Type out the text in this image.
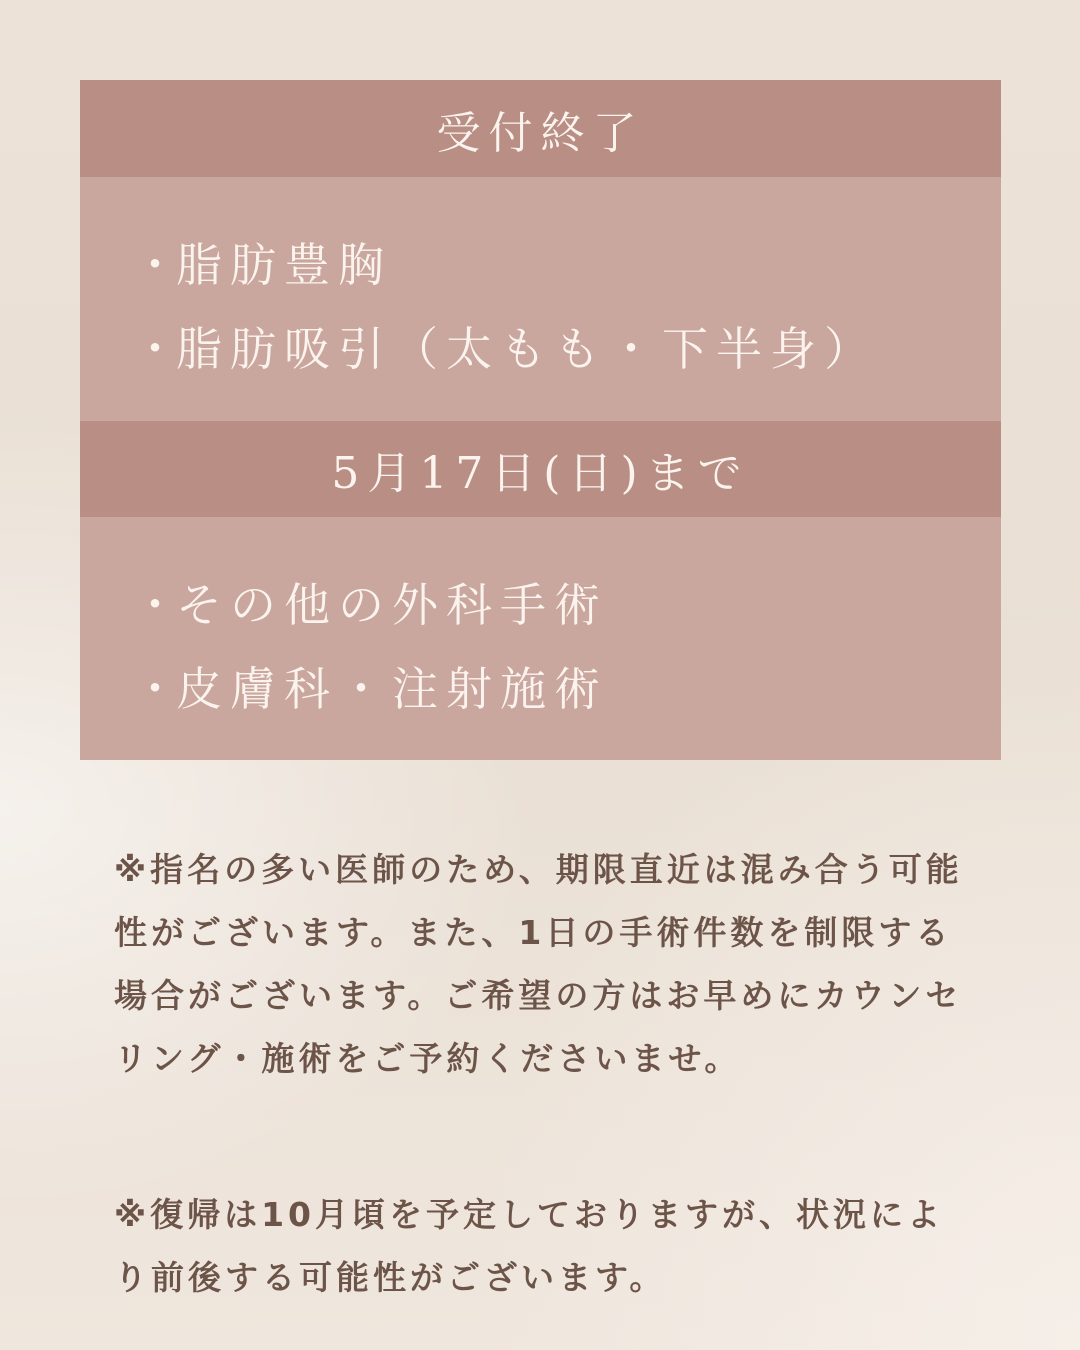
受付終了
・
脂肪豊胸
・
脂肪吸引（太もも・下半身）
5月17日(日)まで
・
その他の外科手術
・
皮膚科・注射施術

※指名の多い医師のため、期限直近は混み合う可能性がございます。また、1日の手術件数を制限する場合がございます。ご希望の方はお早めにカウンセリング・施術をご予約くださいませ。

※復帰は10月頃を予定しておりますが、状況により前後する可能性がございます。
